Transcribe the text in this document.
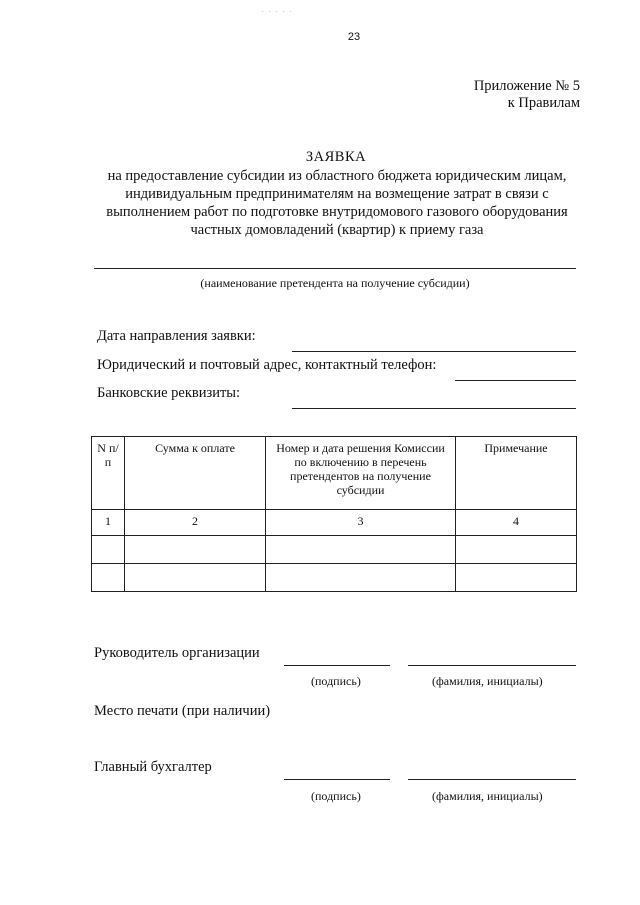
. . . . .
23
Приложение № 5
к Правилам
ЗАЯВКА
на предоставление субсидии из областного бюджета юридическим лицам, индивидуальным предпринимателям на возмещение затрат в связи с выполнением работ по подготовке внутридомового газового оборудования частных домовладений (квартир) к приему газа
(наименование претендента на получение субсидии)
Дата направления заявки:
Юридический и почтовый адрес, контактный телефон:
Банковские реквизиты:
N п/п	Сумма к оплате	Номер и дата решения Комиссии по включению в перечень претендентов на получение субсидии	Примечание
1	2	3	4

Руководитель организации
(подпись)	(фамилия, инициалы)
Место печати (при наличии)
Главный бухгалтер
(подпись)	(фамилия, инициалы)
